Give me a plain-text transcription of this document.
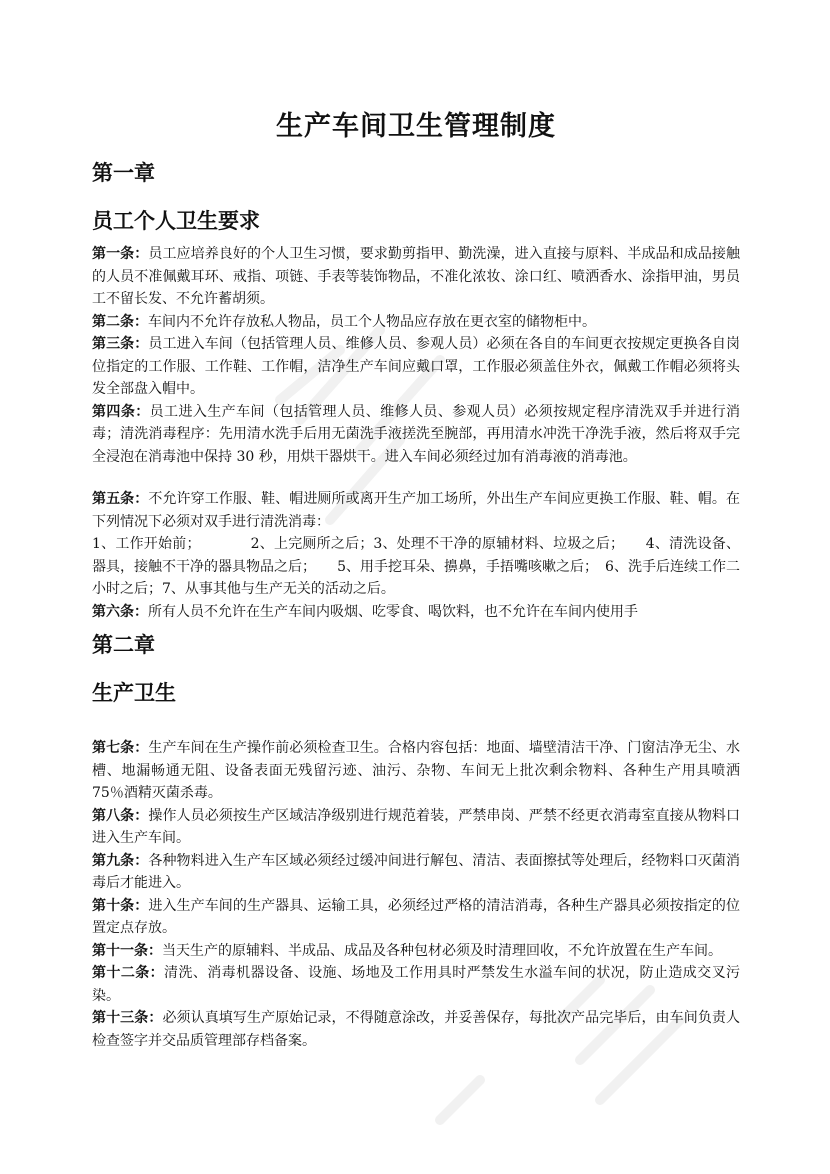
生产车间卫生管理制度
第一章
员工个人卫生要求

第一条：员工应培养良好的个人卫生习惯，要求勤剪指甲、勤洗澡，进入直接与原料、半成品和成品接触的人员不准佩戴耳环、戒指、项链、手表等装饰物品，不准化浓妆、涂口红、喷洒香水、涂指甲油，男员工不留长发、不允许蓄胡须。

第二条：车间内不允许存放私人物品，员工个人物品应存放在更衣室的储物柜中。

第三条：员工进入车间（包括管理人员、维修人员、参观人员）必须在各自的车间更衣按规定更换各自岗位指定的工作服、工作鞋、工作帽，洁净生产车间应戴口罩，工作服必须盖住外衣，佩戴工作帽必须将头发全部盘入帽中。

第四条：员工进入生产车间（包括管理人员、维修人员、参观人员）必须按规定程序清洗双手并进行消毒；清洗消毒程序：先用清水洗手后用无菌洗手液搓洗至腕部，再用清水冲洗干净洗手液，然后将双手完全浸泡在消毒池中保持 30 秒，用烘干器烘干。进入车间必须经过加有消毒液的消毒池。

第五条：不允许穿工作服、鞋、帽进厕所或离开生产加工场所，外出生产车间应更换工作服、鞋、帽。在下列情况下必须对双手进行清洗消毒：

1、工作开始前；　　　　2、上完厕所之后；3、处理不干净的原辅材料、垃圾之后；　　4、清洗设备、器具，接触不干净的器具物品之后；　　5、用手挖耳朵、擤鼻，手捂嘴咳嗽之后；　6、洗手后连续工作二小时之后；7、从事其他与生产无关的活动之后。

第六条：所有人员不允许在生产车间内吸烟、吃零食、喝饮料，也不允许在车间内使用手

第二章
生产卫生

第七条：生产车间在生产操作前必须检查卫生。合格内容包括：地面、墙壁清洁干净、门窗洁净无尘、水槽、地漏畅通无阻、设备表面无残留污迹、油污、杂物、车间无上批次剩余物料、各种生产用具喷洒 75％酒精灭菌杀毒。

第八条：操作人员必须按生产区域洁净级别进行规范着装，严禁串岗、严禁不经更衣消毒室直接从物料口进入生产车间。

第九条：各种物料进入生产车区域必须经过缓冲间进行解包、清洁、表面擦拭等处理后，经物料口灭菌消毒后才能进入。

第十条：进入生产车间的生产器具、运输工具，必须经过严格的清洁消毒，各种生产器具必须按指定的位置定点存放。

第十一条：当天生产的原辅料、半成品、成品及各种包材必须及时清理回收，不允许放置在生产车间。

第十二条：清洗、消毒机器设备、设施、场地及工作用具时严禁发生水溢车间的状况，防止造成交叉污染。

第十三条：必须认真填写生产原始记录，不得随意涂改，并妥善保存，每批次产品完毕后，由车间负责人检查签字并交品质管理部存档备案。
